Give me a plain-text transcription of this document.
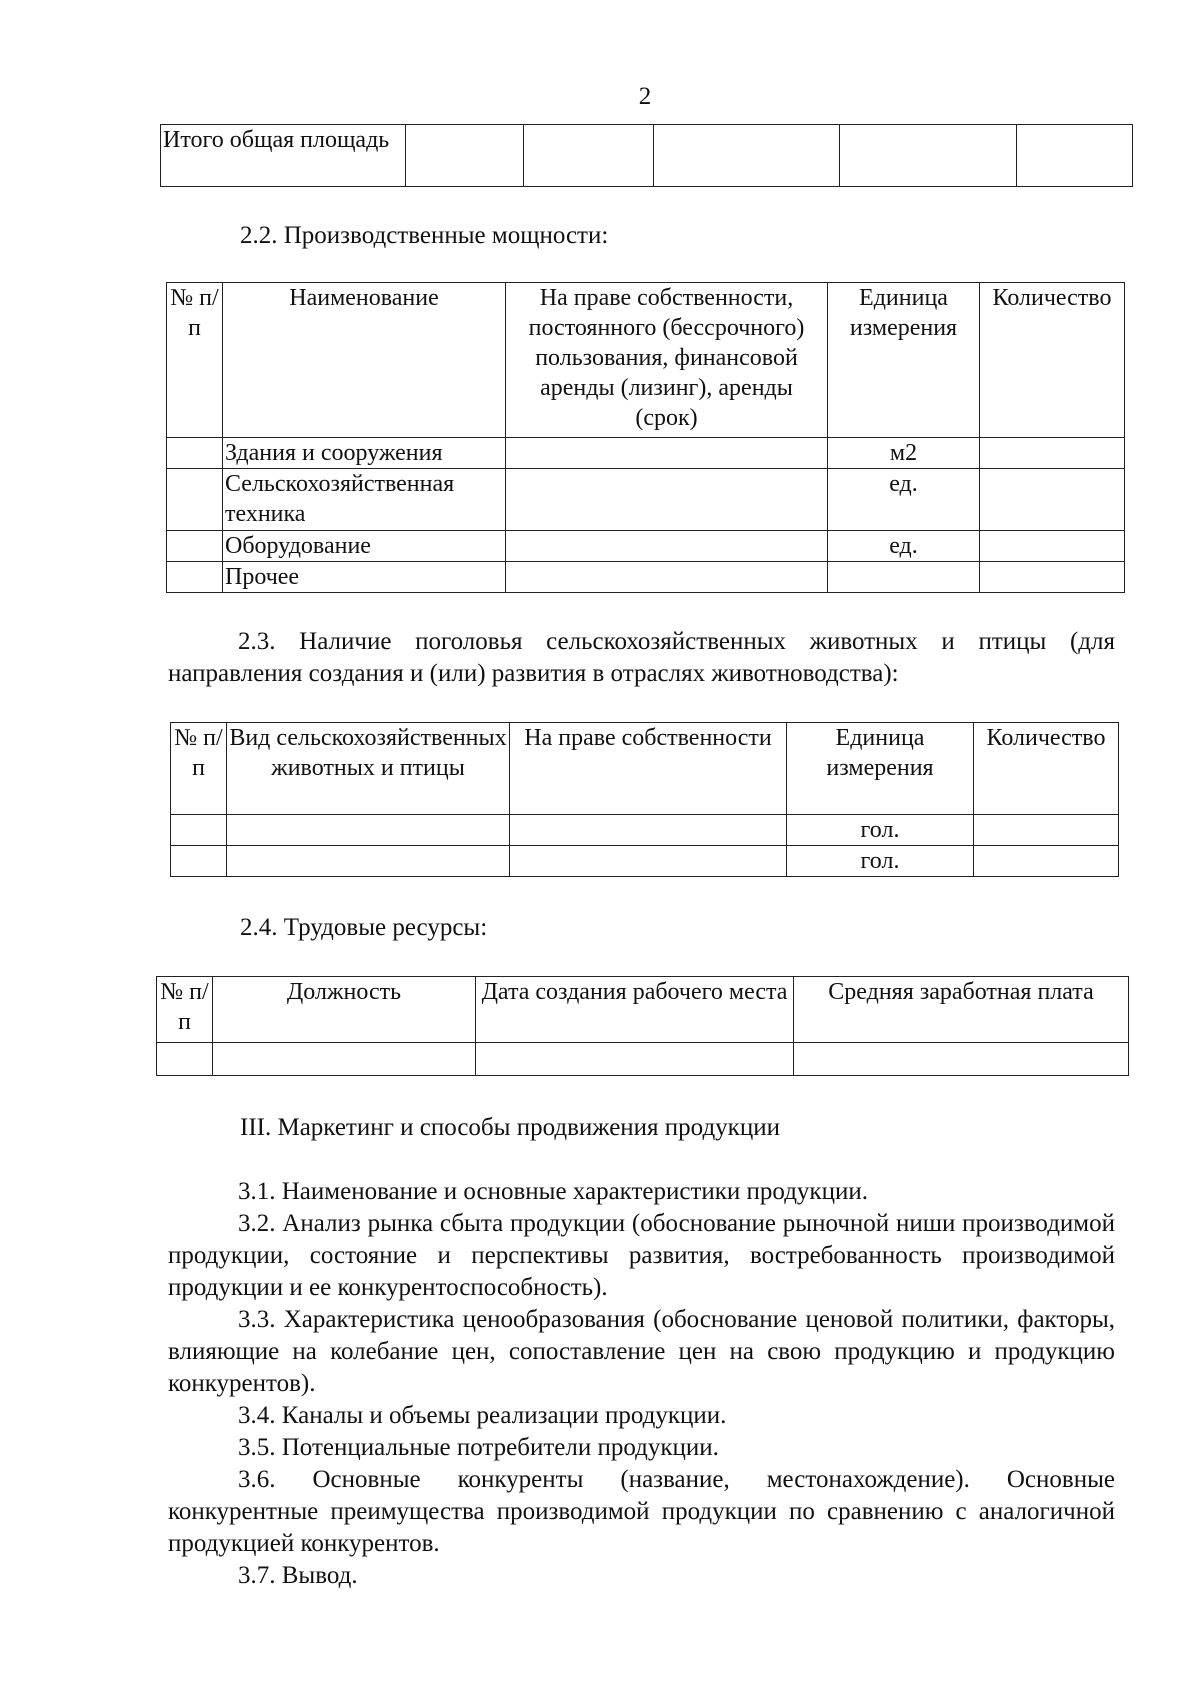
2
Итого общая площадь					
2.2. Производственные мощности:
№ п/п	Наименование	На праве собственности, постоянного (бессрочного) пользования, финансовой аренды (лизинг), аренды (срок)	Единица измерения	Количество
	Здания и сооружения		м2	
	Сельскохозяйственная техника		ед.	
	Оборудование		ед.	
	Прочее			
2.3. Наличие поголовья сельскохозяйственных животных и птицы (для направления создания и (или) развития в отраслях животноводства):
№ п/п	Вид сельскохозяйственных животных и птицы	На праве собственности	Единица измерения	Количество
			гол.	
			гол.	
2.4. Трудовые ресурсы:
№ п/п	Должность	Дата создания рабочего места	Средняя заработная плата

III. Маркетинг и способы продвижения продукции
3.1. Наименование и основные характеристики продукции.
3.2. Анализ рынка сбыта продукции (обоснование рыночной ниши производимой продукции, состояние и перспективы развития, востребованность производимой продукции и ее конкурентоспособность).
3.3. Характеристика ценообразования (обоснование ценовой политики, факторы, влияющие на колебание цен, сопоставление цен на свою продукцию и продукцию конкурентов).
3.4. Каналы и объемы реализации продукции.
3.5. Потенциальные потребители продукции.
3.6. Основные конкуренты (название, местонахождение). Основные конкурентные преимущества производимой продукции по сравнению с аналогичной продукцией конкурентов.
3.7. Вывод.
